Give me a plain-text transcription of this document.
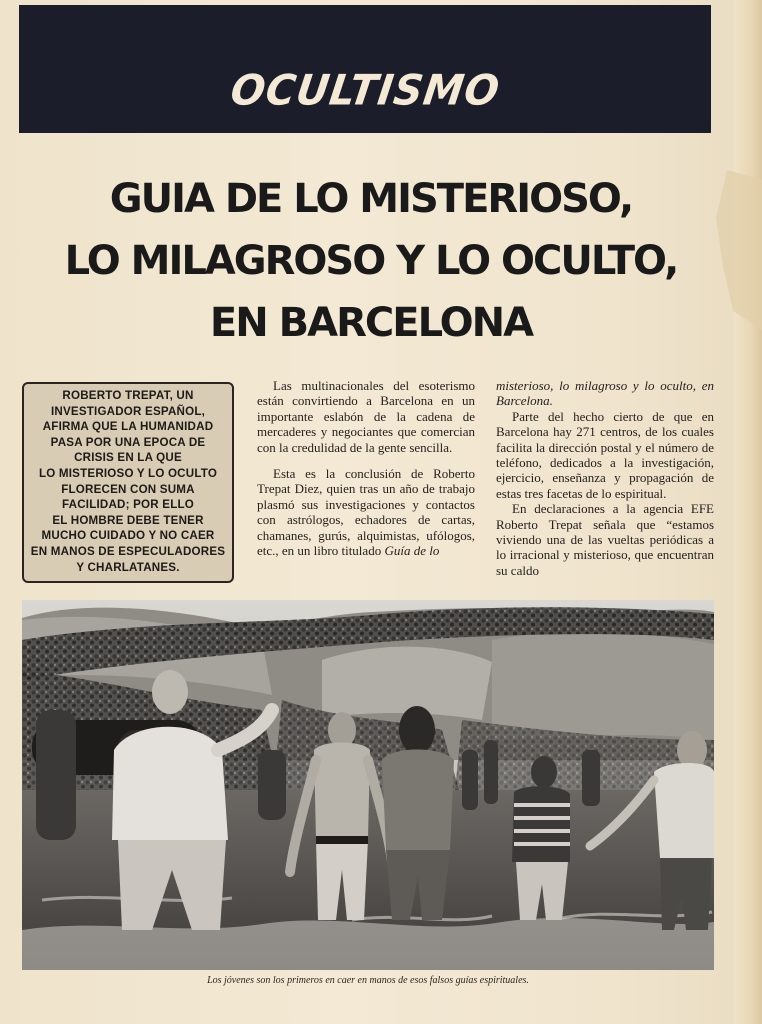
OCULTISMO
GUIA DE LO MISTERIOSO,
LO MILAGROSO Y LO OCULTO,
EN BARCELONA
ROBERTO TREPAT, UN
INVESTIGADOR ESPAÑOL,
AFIRMA QUE LA HUMANIDAD
PASA POR UNA EPOCA DE
CRISIS EN LA QUE
LO MISTERIOSO Y LO OCULTO
FLORECEN CON SUMA
FACILIDAD; POR ELLO
EL HOMBRE DEBE TENER
MUCHO CUIDADO Y NO CAER
EN MANOS DE ESPECULADORES
Y CHARLATANES.

Las multinacionales del esoterismo están convirtiendo a Barcelona en un importante eslabón de la cadena de mercaderes y negociantes que comercian con la credulidad de la gente sencilla.

Esta es la conclusión de Roberto Trepat Diez, quien tras un año de trabajo plasmó sus investigaciones y contactos con astrólogos, echadores de cartas, chamanes, gurús, alquimistas, ufólogos, etc., en un libro titulado Guía de lo

misterioso, lo milagroso y lo oculto, en Barcelona.

Parte del hecho cierto de que en Barcelona hay 271 centros, de los cuales facilita la dirección postal y el número de teléfono, dedicados a la investigación, ejercicio, enseñanza y propagación de estas tres facetas de lo espiritual.

En declaraciones a la agencia EFE Roberto Trepat señala que “estamos viviendo una de las vueltas periódicas a lo irracional y misterioso, que encuentran su caldo

Los jóvenes son los primeros en caer en manos de esos falsos guías espirituales.
